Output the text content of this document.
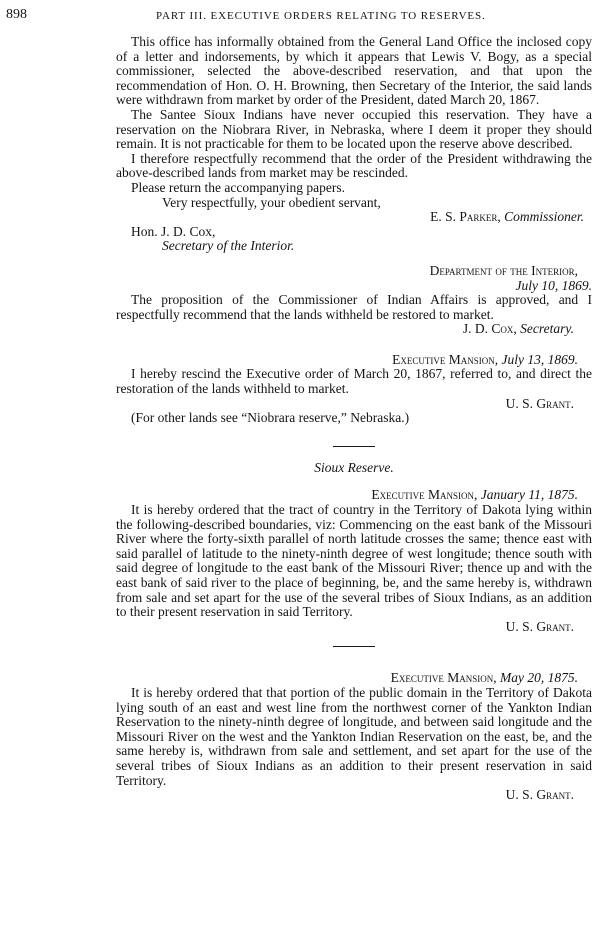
898	PART III. EXECUTIVE ORDERS RELATING TO RESERVES.

This office has informally obtained from the General Land Office the inclosed copy of a letter and indorsements, by which it appears that Lewis V. Bogy, as a special commissioner, selected the above-described reservation, and that upon the recommendation of Hon. O. H. Browning, then Secretary of the Interior, the said lands were withdrawn from market by order of the President, dated March 20, 1867.

The Santee Sioux Indians have never occupied this reservation. They have a reservation on the Niobrara River, in Nebraska, where I deem it proper they should remain. It is not practicable for them to be located upon the reserve above described.

I therefore respectfully recommend that the order of the President withdrawing the above-described lands from market may be rescinded.

Please return the accompanying papers.

Very respectfully, your obedient servant,

E. S. Parker, Commissioner.

Hon. J. D. Cox,

Secretary of the Interior.

Department of the Interior,

July 10, 1869.

The proposition of the Commissioner of Indian Affairs is approved, and I respectfully recommend that the lands withheld be restored to market.

J. D. Cox, Secretary.

Executive Mansion, July 13, 1869.

I hereby rescind the Executive order of March 20, 1867, referred to, and direct the restoration of the lands withheld to market.

U. S. Grant.

(For other lands see “Niobrara reserve,” Nebraska.)

Sioux Reserve.

Executive Mansion, January 11, 1875.

It is hereby ordered that the tract of country in the Territory of Dakota lying within the following-described boundaries, viz: Commencing on the east bank of the Missouri River where the forty-sixth parallel of north latitude crosses the same; thence east with said parallel of latitude to the ninety-ninth degree of west longitude; thence south with said degree of longitude to the east bank of the Missouri River; thence up and with the east bank of said river to the place of beginning, be, and the same hereby is, withdrawn from sale and set apart for the use of the several tribes of Sioux Indians, as an addition to their present reservation in said Territory.

U. S. Grant.

Executive Mansion, May 20, 1875.

It is hereby ordered that that portion of the public domain in the Territory of Dakota lying south of an east and west line from the northwest corner of the Yankton Indian Reservation to the ninety-ninth degree of longitude, and between said longitude and the Missouri River on the west and the Yankton Indian Reservation on the east, be, and the same hereby is, withdrawn from sale and settlement, and set apart for the use of the several tribes of Sioux Indians as an addition to their present reservation in said Territory.

U. S. Grant.
